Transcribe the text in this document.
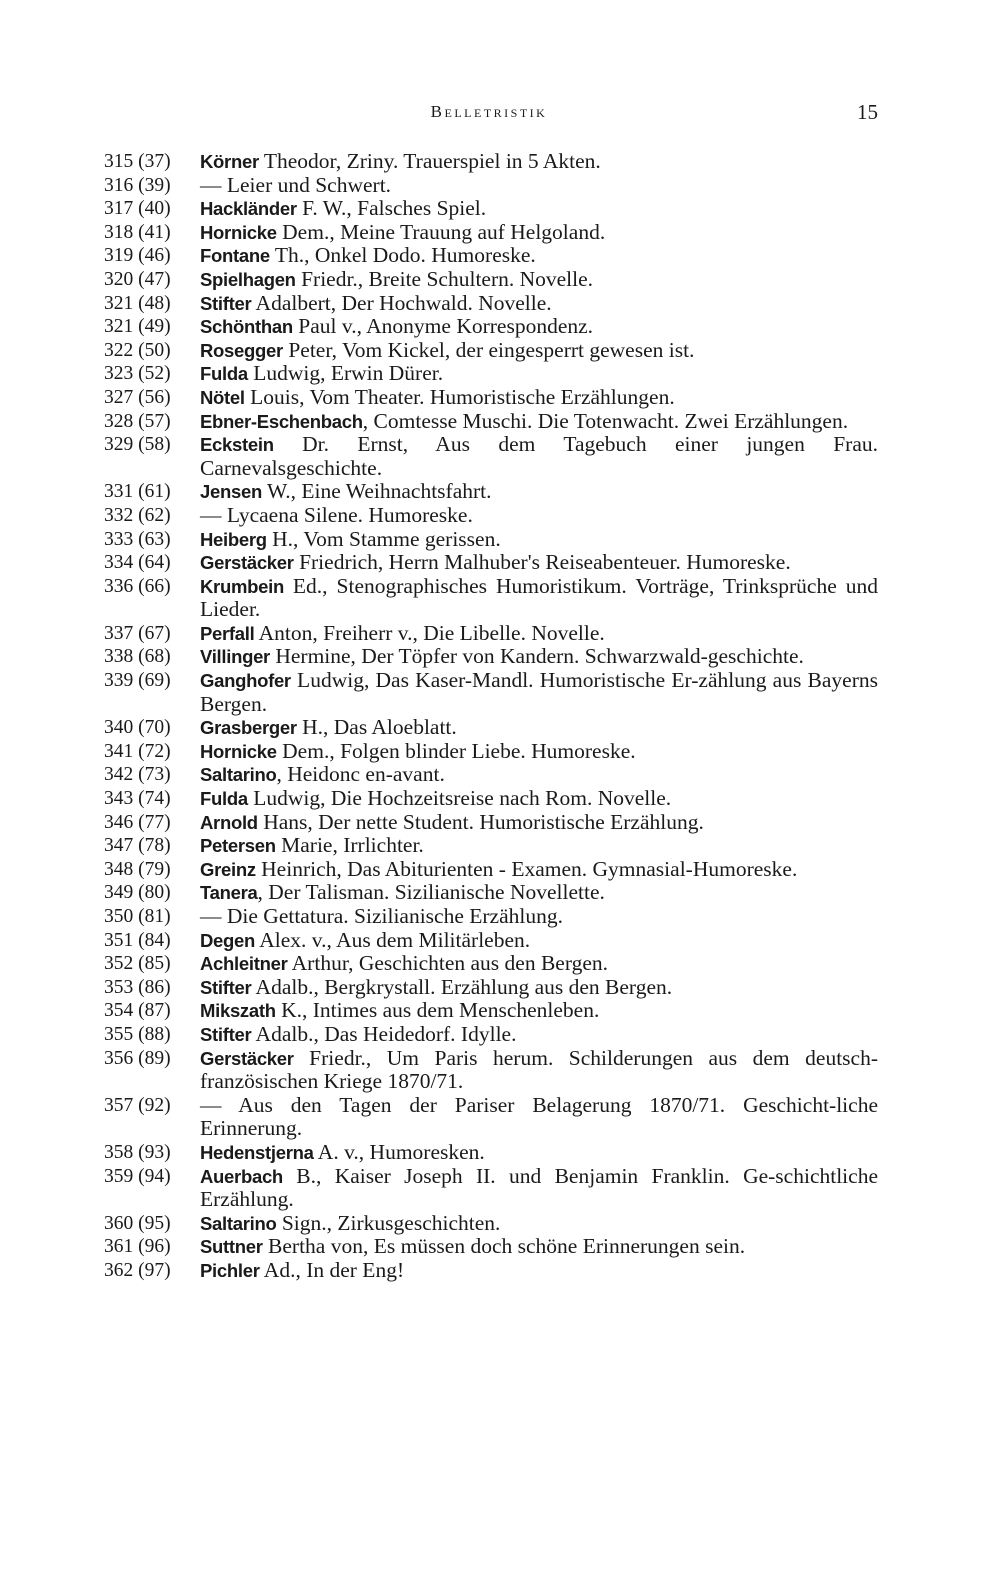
Belletristik	15
315 (37)	Körner Theodor, Zriny. Trauerspiel in 5 Akten.
316 (39)	— Leier und Schwert.
317 (40)	Hackländer F. W., Falsches Spiel.
318 (41)	Hornicke Dem., Meine Trauung auf Helgoland.
319 (46)	Fontane Th., Onkel Dodo. Humoreske.
320 (47)	Spielhagen Friedr., Breite Schultern. Novelle.
321 (48)	Stifter Adalbert, Der Hochwald. Novelle.
321 (49)	Schönthan Paul v., Anonyme Korrespondenz.
322 (50)	Rosegger Peter, Vom Kickel, der eingesperrt gewesen ist.
323 (52)	Fulda Ludwig, Erwin Dürer.
327 (56)	Nötel Louis, Vom Theater. Humoristische Erzählungen.
328 (57)	Ebner-Eschenbach, Comtesse Muschi. Die Totenwacht. Zwei Erzählungen.
329 (58)	Eckstein Dr. Ernst, Aus dem Tagebuch einer jungen Frau. Carnevalsgeschichte.
331 (61)	Jensen W., Eine Weihnachtsfahrt.
332 (62)	— Lycaena Silene. Humoreske.
333 (63)	Heiberg H., Vom Stamme gerissen.
334 (64)	Gerstäcker Friedrich, Herrn Malhuber's Reiseabenteuer. Humoreske.
336 (66)	Krumbein Ed., Stenographisches Humoristikum. Vorträge, Trinksprüche und Lieder.
337 (67)	Perfall Anton, Freiherr v., Die Libelle. Novelle.
338 (68)	Villinger Hermine, Der Töpfer von Kandern. Schwarzwald-geschichte.
339 (69)	Ganghofer Ludwig, Das Kaser-Mandl. Humoristische Er-zählung aus Bayerns Bergen.
340 (70)	Grasberger H., Das Aloeblatt.
341 (72)	Hornicke Dem., Folgen blinder Liebe. Humoreske.
342 (73)	Saltarino, Heidonc en-avant.
343 (74)	Fulda Ludwig, Die Hochzeitsreise nach Rom. Novelle.
346 (77)	Arnold Hans, Der nette Student. Humoristische Erzählung.
347 (78)	Petersen Marie, Irrlichter.
348 (79)	Greinz Heinrich, Das Abiturienten - Examen. Gymnasial-Humoreske.
349 (80)	Tanera, Der Talisman. Sizilianische Novellette.
350 (81)	— Die Gettatura. Sizilianische Erzählung.
351 (84)	Degen Alex. v., Aus dem Militärleben.
352 (85)	Achleitner Arthur, Geschichten aus den Bergen.
353 (86)	Stifter Adalb., Bergkrystall. Erzählung aus den Bergen.
354 (87)	Mikszath K., Intimes aus dem Menschenleben.
355 (88)	Stifter Adalb., Das Heidedorf. Idylle.
356 (89)	Gerstäcker Friedr., Um Paris herum. Schilderungen aus dem deutsch-französischen Kriege 1870/71.
357 (92)	— Aus den Tagen der Pariser Belagerung 1870/71. Geschicht-liche Erinnerung.
358 (93)	Hedenstjerna A. v., Humoresken.
359 (94)	Auerbach B., Kaiser Joseph II. und Benjamin Franklin. Ge-schichtliche Erzählung.
360 (95)	Saltarino Sign., Zirkusgeschichten.
361 (96)	Suttner Bertha von, Es müssen doch schöne Erinnerungen sein.
362 (97)	Pichler Ad., In der Eng!
